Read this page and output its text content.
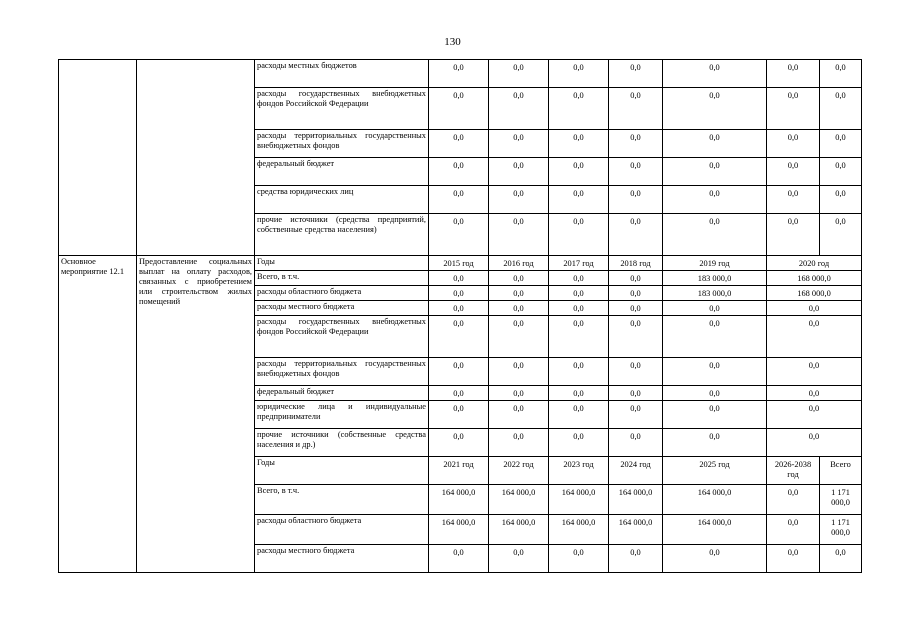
130
		расходы местных бюджетов	0,0	0,0	0,0	0,0	0,0	0,0	0,0
		расходы государственных внебюджетных фондов Российской Федерации	0,0	0,0	0,0	0,0	0,0	0,0	0,0
		расходы территориальных государственных внебюджетных фондов	0,0	0,0	0,0	0,0	0,0	0,0	0,0
		федеральный бюджет	0,0	0,0	0,0	0,0	0,0	0,0	0,0
		средства юридических лиц	0,0	0,0	0,0	0,0	0,0	0,0	0,0
		прочие источники (средства предприятий, собственные средства населения)	0,0	0,0	0,0	0,0	0,0	0,0	0,0
Основное мероприятие 12.1	Предоставление социальных выплат на оплату расходов, связанных с приобретением или строительством жилых помещений	Годы	2015 год	2016 год	2017 год	2018 год	2019 год	2020 год	
		Всего, в т.ч.	0,0	0,0	0,0	0,0	183 000,0	168 000,0	
		расходы областного бюджета	0,0	0,0	0,0	0,0	183 000,0	168 000,0	
		расходы местного бюджета	0,0	0,0	0,0	0,0	0,0	0,0	
		расходы государственных внебюджетных фондов Российской Федерации	0,0	0,0	0,0	0,0	0,0	0,0	
		расходы территориальных государственных внебюджетных фондов	0,0	0,0	0,0	0,0	0,0	0,0	
		федеральный бюджет	0,0	0,0	0,0	0,0	0,0	0,0	
		юридические лица и индивидуальные предприниматели	0,0	0,0	0,0	0,0	0,0	0,0	
		прочие источники (собственные средства населения и др.)	0,0	0,0	0,0	0,0	0,0	0,0	
		Годы	2021 год	2022 год	2023 год	2024 год	2025 год	2026-2038 год	Всего
		Всего, в т.ч.	164 000,0	164 000,0	164 000,0	164 000,0	164 000,0	0,0	1 171 000,0
		расходы областного бюджета	164 000,0	164 000,0	164 000,0	164 000,0	164 000,0	0,0	1 171 000,0
		расходы местного бюджета	0,0	0,0	0,0	0,0	0,0	0,0	0,0
